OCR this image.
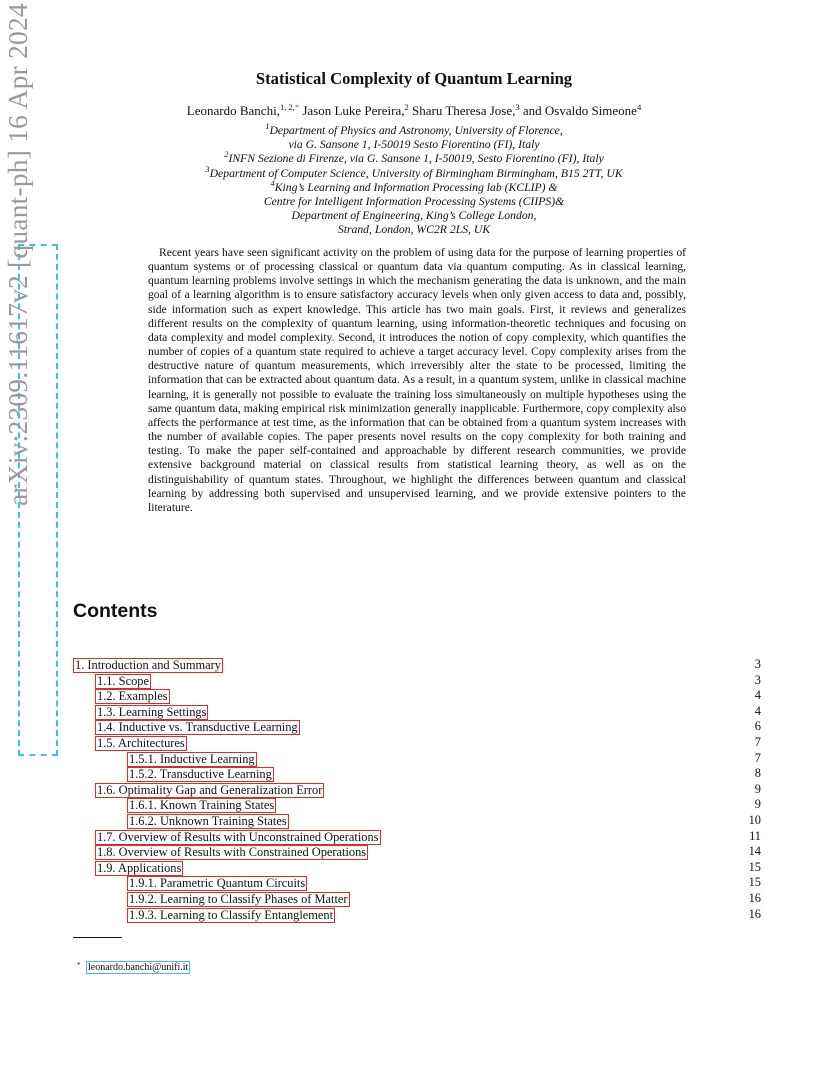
arXiv:2309.11617v2 [quant-ph] 16 Apr 2024	Statistical Complexity of Quantum Learning
Leonardo Banchi,$^{1, 2,*}$ Jason Luke Pereira,$^2$ Sharu Theresa Jose,$^3$ and Osvaldo Simeone$^4$
$^1$Department of Physics and Astronomy, University of Florence,
via G. Sansone 1, I-50019 Sesto Fiorentino (FI), Italy
$^2$INFN Sezione di Firenze, via G. Sansone 1, I-50019, Sesto Fiorentino (FI), Italy
$^3$Department of Computer Science, University of Birmingham Birmingham, B15 2TT, UK
$^4$King’s Learning and Information Processing lab (KCLIP) &
Centre for Intelligent Information Processing Systems (CIIPS)&
Department of Engineering, King’s College London,
Strand, London, WC2R 2LS, UK

Recent years have seen significant activity on the problem of using data for the purpose of learning properties of quantum systems or of processing classical or quantum data via quantum computing. As in classical learning, quantum learning problems involve settings in which the mechanism generating the data is unknown, and the main goal of a learning algorithm is to ensure satisfactory accuracy levels when only given access to data and, possibly, side information such as expert knowledge. This article has two main goals. First, it reviews and generalizes different results on the complexity of quantum learning, using information-theoretic techniques and focusing on data complexity and model complexity. Second, it introduces the notion of copy complexity, which quantifies the number of copies of a quantum state required to achieve a target accuracy level. Copy complexity arises from the destructive nature of quantum measurements, which irreversibly alter the state to be processed, limiting the information that can be extracted about quantum data. As a result, in a quantum system, unlike in classical machine learning, it is generally not possible to evaluate the training loss simultaneously on multiple hypotheses using the same quantum data, making empirical risk minimization generally inapplicable. Furthermore, copy complexity also affects the performance at test time, as the information that can be obtained from a quantum system increases with the number of available copies. The paper presents novel results on the copy complexity for both training and testing. To make the paper self-contained and approachable by different research communities, we provide extensive background material on classical results from statistical learning theory, as well as on the distinguishability of quantum states. Throughout, we highlight the differences between quantum and classical learning by addressing both supervised and unsupervised learning, and we provide extensive pointers to the literature.

Contents
1. Introduction and Summary	3
1.1. Scope	3
1.2. Examples	4
1.3. Learning Settings	4
1.4. Inductive vs. Transductive Learning	6
1.5. Architectures	7
1.5.1. Inductive Learning	7
1.5.2. Transductive Learning	8
1.6. Optimality Gap and Generalization Error	9
1.6.1. Known Training States	9
1.6.2. Unknown Training States	10
1.7. Overview of Results with Unconstrained Operations	11
1.8. Overview of Results with Constrained Operations	14
1.9. Applications	15
1.9.1. Parametric Quantum Circuits	15
1.9.2. Learning to Classify Phases of Matter	16
1.9.3. Learning to Classify Entanglement	16
* leonardo.banchi@unifi.it
